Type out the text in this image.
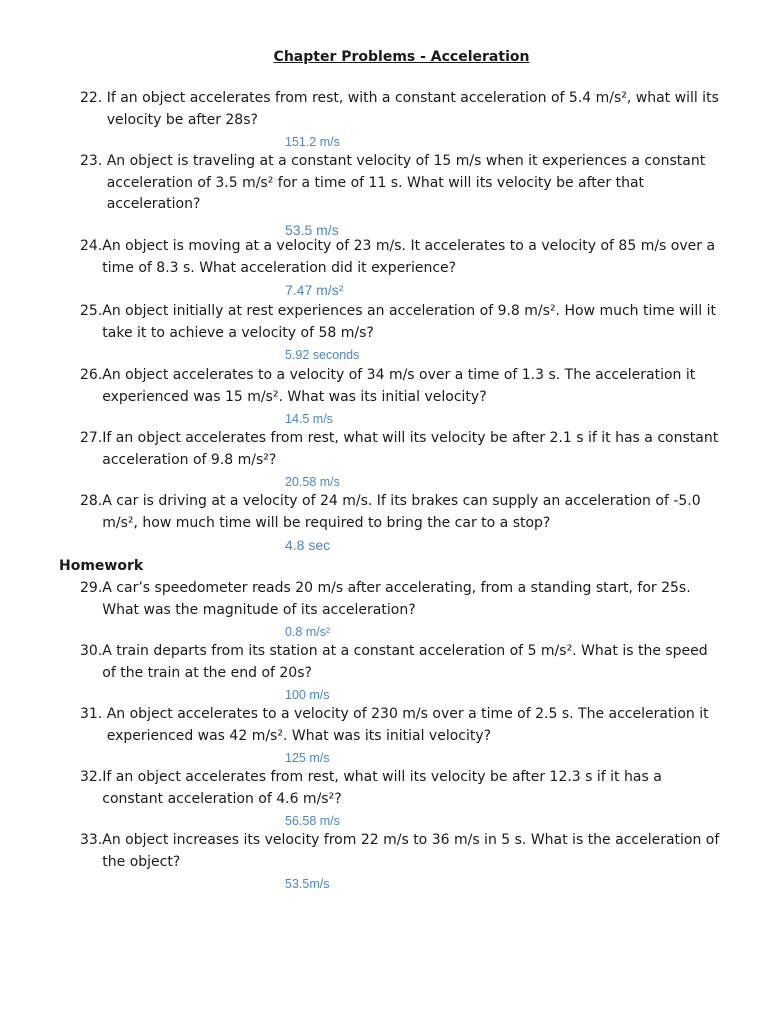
Chapter Problems - Acceleration
22. If an object accelerates from rest, with a constant acceleration of 5.4 m/s², what will its velocity be after 28s?
151.2 m/s
23. An object is traveling at a constant velocity of 15 m/s when it experiences a constant acceleration of 3.5 m/s² for a time of 11 s. What will its velocity be after that acceleration?
53.5 m/s
24. An object is moving at a velocity of 23 m/s. It accelerates to a velocity of 85 m/s over a time of 8.3 s. What acceleration did it experience?
7.47 m/s²
25. An object initially at rest experiences an acceleration of 9.8 m/s². How much time will it take it to achieve a velocity of 58 m/s?
5.92 seconds
26. An object accelerates to a velocity of 34 m/s over a time of 1.3 s. The acceleration it experienced was 15 m/s². What was its initial velocity?
14.5 m/s
27. If an object accelerates from rest, what will its velocity be after 2.1 s if it has a constant acceleration of 9.8 m/s²?
20.58 m/s
28. A car is driving at a velocity of 24 m/s. If its brakes can supply an acceleration of -5.0 m/s², how much time will be required to bring the car to a stop?
4.8 sec
Homework
29. A car’s speedometer reads 20 m/s after accelerating, from a standing start, for 25s. What was the magnitude of its acceleration?
0.8 m/s²
30. A train departs from its station at a constant acceleration of 5 m/s². What is the speed of the train at the end of 20s?
100 m/s
31. An object accelerates to a velocity of 230 m/s over a time of 2.5 s. The acceleration it experienced was 42 m/s². What was its initial velocity?
125 m/s
32. If an object accelerates from rest, what will its velocity be after 12.3 s if it has a constant acceleration of 4.6 m/s²?
56.58 m/s
33. An object increases its velocity from 22 m/s to 36 m/s in 5 s. What is the acceleration of the object?
53.5m/s
